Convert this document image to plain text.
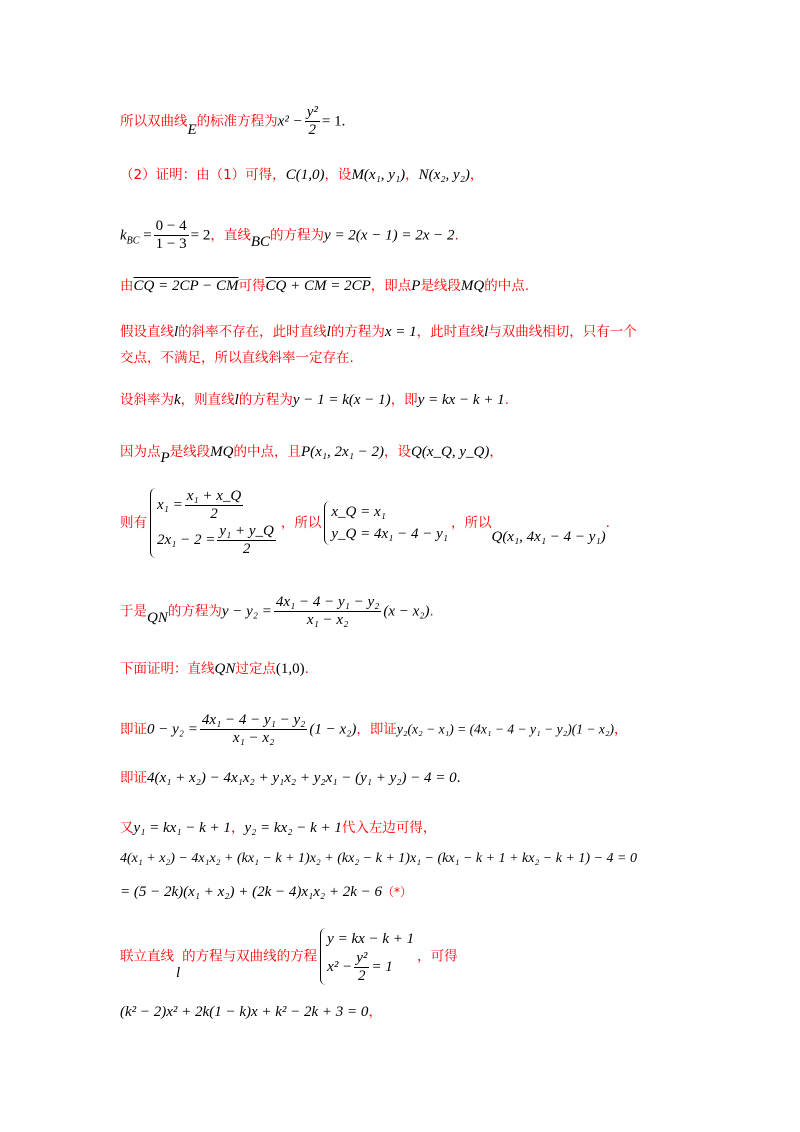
所以双曲线E的标准方程为$x^2 - \frac{\text{y²}}{2} = 1$.
（2）证明：由（1）可得，C(1,0)，设M(x₁, y₁)，N(x₂, y₂)，
$k_{BC} = \frac{0 - 4}{1 - 3} = 2$，直线BC的方程为y = 2(x − 1) = 2x − 2.
由CQ = 2CP − CM可得CQ + CM = 2CP，即点P是线段MQ的中点.
假设直线l的斜率不存在，此时直线l的方程为x = 1，此时直线l与双曲线相切，只有一个
交点，不满足，所以直线斜率一定存在.
设斜率为k，则直线l的方程为y − 1 = k(x − 1)，即y = kx − k + 1.
因为点P是线段MQ的中点，且P(x₁, 2x₁ − 2)，设Q(x_Q, y_Q)，
则有
$x_1 = \frac{\text{x₁ + x\_Q}}{2}$
$2x_1 - 2 = \frac{\text{y₁ + y\_Q}}{2}$ ，所以
x_Q = x₁
y_Q = 4x₁ − 4 − y₁
，所以Q(x₁, 4x₁ − 4 − y₁).
于是QN的方程为$y - y_2 = \frac{\text{4x₁ − 4 − y₁ − y₂}}{\text{x₁ − x₂}} (x - x_2)$.
下面证明：直线QN过定点(1,0).
即证$0 - y_2 = \frac{\text{4x₁ − 4 − y₁ − y₂}}{\text{x₁ − x₂}} (1 - x_2)$，即证y₂(x₂ − x₁) = (4x₁ − 4 − y₁ − y₂)(1 − x₂)，
即证4(x₁ + x₂) − 4x₁x₂ + y₁x₂ + y₂x₁ − (y₁ + y₂) − 4 = 0.
又y₁ = kx₁ − k + 1，y₂ = kx₂ − k + 1代入左边可得，
4(x₁ + x₂) − 4x₁x₂ + (kx₁ − k + 1)x₂ + (kx₂ − k + 1)x₁ − (kx₁ − k + 1 + kx₂ − k + 1) − 4 = 0
= (5 − 2k)(x₁ + x₂) + (2k − 4)x₁x₂ + 2k − 6（*）
联立直线l的方程与双曲线的方程
y = kx − k + 1
$x^2 - \frac{\text{y²}}{2} = 1$
，可得
(k² − 2)x² + 2k(1 − k)x + k² − 2k + 3 = 0，
